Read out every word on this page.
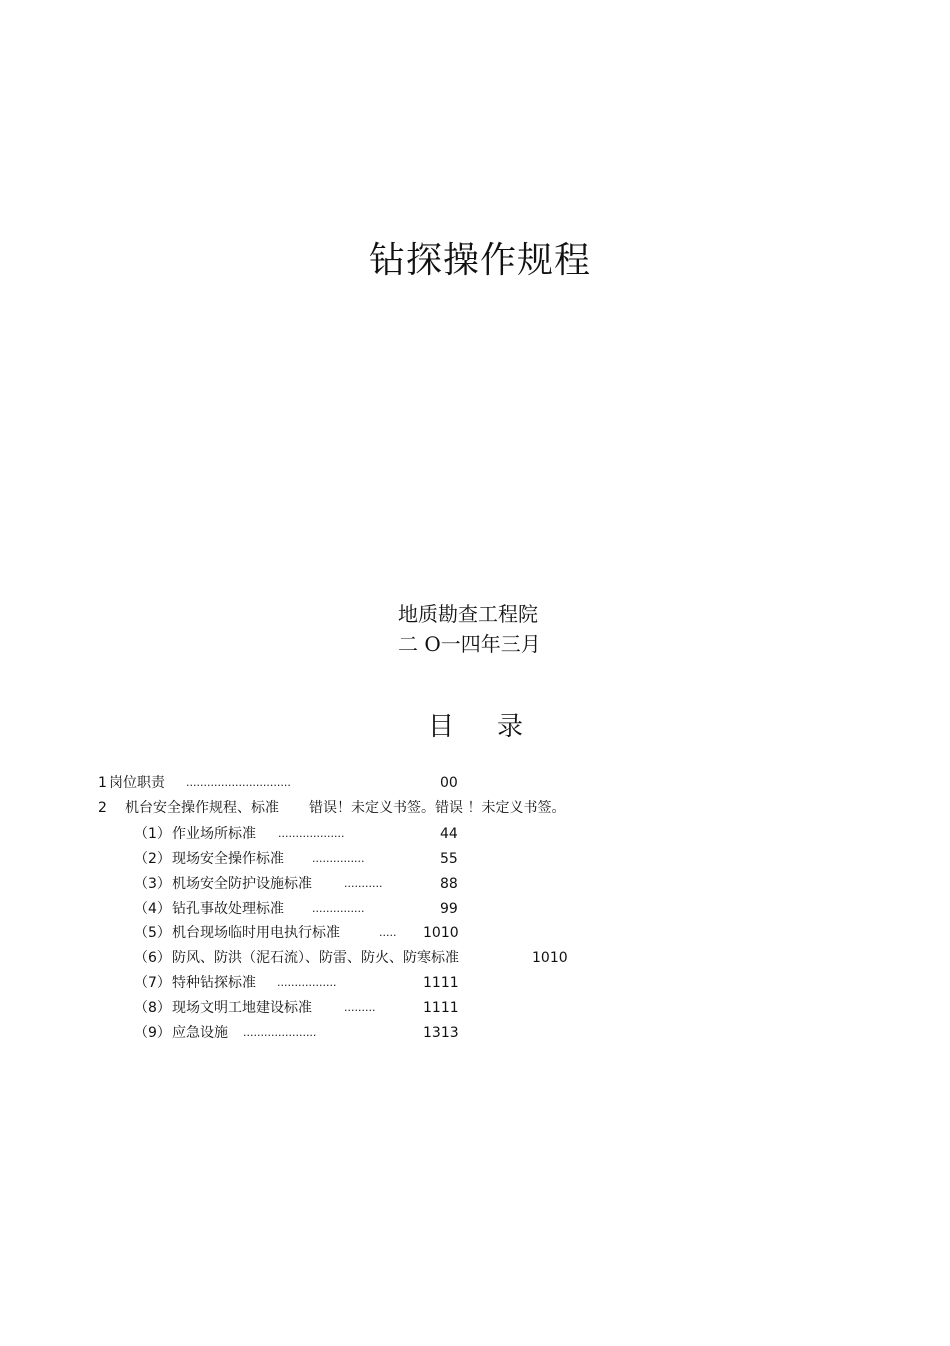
钻探操作规程
地质勘查工程院
二 O一四年三月
目    录
1 岗位职责 ..............................	00
2 机台安全操作规程、标准 错误！未定义书签。错误 ！未定义书签。
（1） 作业场所标准 ...................	44
（2） 现场安全操作标准	...............	55
（3） 机场安全防护设施标准	...........	88
（4） 钻孔事故处理标准	...............	99
（5） 机台现场临时用电执行标准	..... 1010
（6） 防风、防洪（泥石流）、防雷、防火、防寒标准	1010
（7） 特种钻探标准 .................	1111
（8） 现场文明工地建设标准	.........	1111
（9） 应急设施 .....................	1313
